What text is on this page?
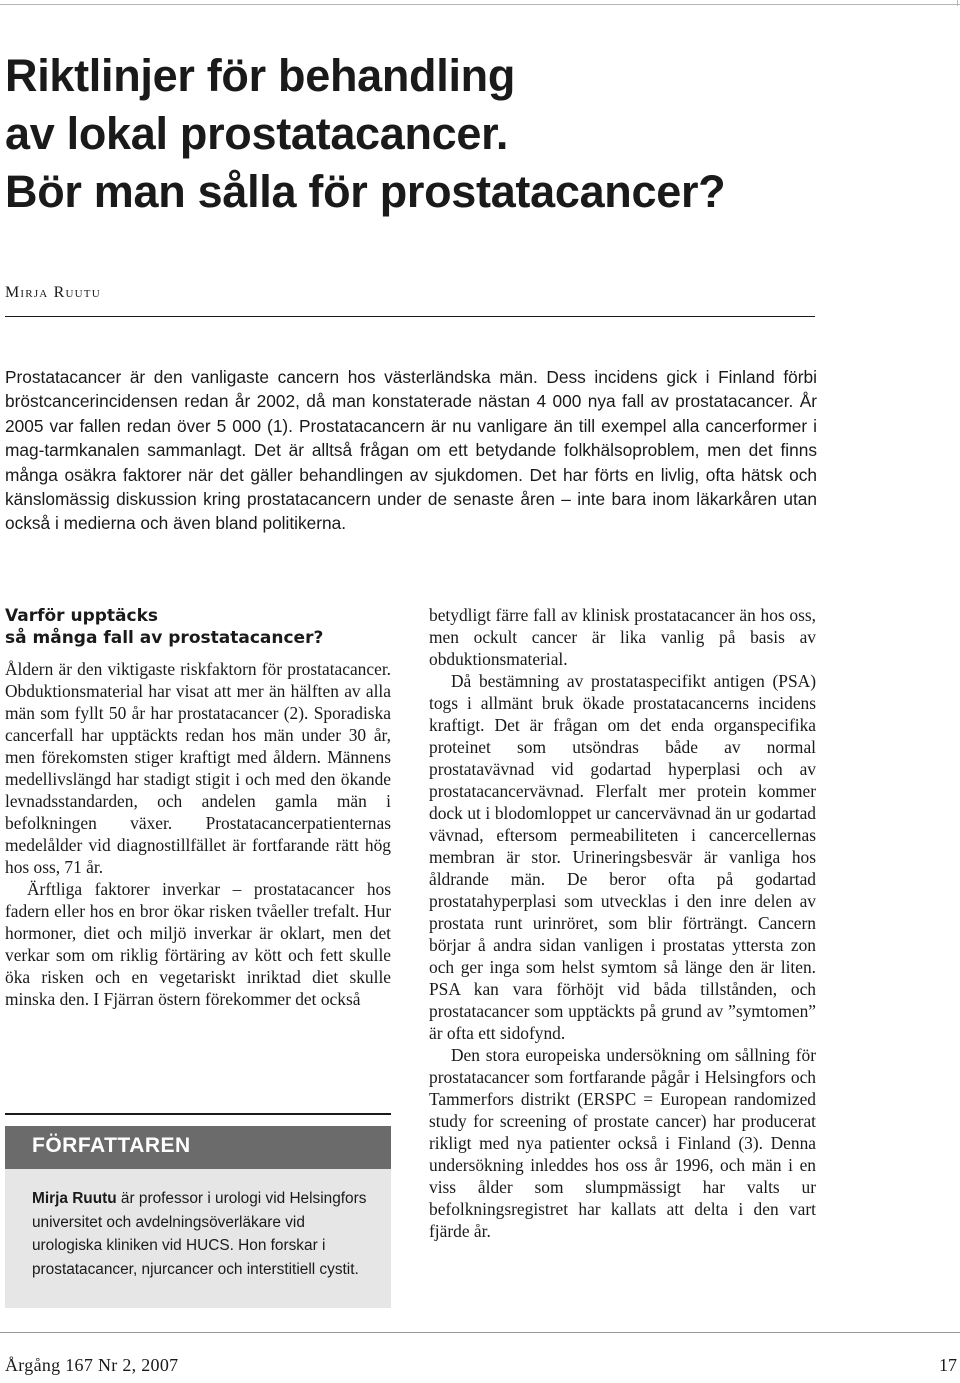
Riktlinjer för behandling
av lokal prostatacancer.
Bör man sålla för prostatacancer?
Mirja Ruutu

Prostatacancer är den vanligaste cancern hos västerländska män. Dess incidens gick i Finland förbi bröstcancerincidensen redan år 2002, då man konstaterade nästan 4 000 nya fall av prostatacancer. År 2005 var fallen redan över 5 000 (1). Prostatacancern är nu vanligare än till exempel alla cancerformer i mag-tarmkanalen sammanlagt. Det är alltså frågan om ett betydande folkhälsoproblem, men det finns många osäkra faktorer när det gäller behandlingen av sjukdomen. Det har förts en livlig, ofta hätsk och känslomässig diskussion kring prostatacancern under de senaste åren – inte bara inom läkarkåren utan också i medierna och även bland politikerna.

Varför upptäcks
så många fall av prostatacancer?

Åldern är den viktigaste riskfaktorn för prostatacancer. Obduktionsmaterial har visat att mer än hälften av alla män som fyllt 50 år har prostatacancer (2). Sporadiska cancerfall har upptäckts redan hos män under 30 år, men förekomsten stiger kraftigt med åldern. Männens medellivslängd har stadigt stigit i och med den ökande levnadsstandarden, och andelen gamla män i befolkningen växer. Prostatacancerpatienternas medelålder vid diagnostillfället är fortfarande rätt hög hos oss, 71 år.

Ärftliga faktorer inverkar – prostatacancer hos fadern eller hos en bror ökar risken tvåeller trefalt. Hur hormoner, diet och miljö inverkar är oklart, men det verkar som om riklig förtäring av kött och fett skulle öka risken och en vegetariskt inriktad diet skulle minska den. I Fjärran östern förekommer det också

betydligt färre fall av klinisk prostatacancer än hos oss, men ockult cancer är lika vanlig på basis av obduktionsmaterial.

Då bestämning av prostataspecifikt antigen (PSA) togs i allmänt bruk ökade prostatacancerns incidens kraftigt. Det är frågan om det enda organspecifika proteinet som utsöndras både av normal prostatavävnad vid godartad hyperplasi och av prostatacancervävnad. Flerfalt mer protein kommer dock ut i blodomloppet ur cancervävnad än ur godartad vävnad, eftersom permeabiliteten i cancercellernas membran är stor. Urineringsbesvär är vanliga hos åldrande män. De beror ofta på godartad prostatahyperplasi som utvecklas i den inre delen av prostata runt urinröret, som blir förträngt. Cancern börjar å andra sidan vanligen i prostatas yttersta zon och ger inga som helst symtom så länge den är liten. PSA kan vara förhöjt vid båda tillstånden, och prostatacancer som upptäckts på grund av ”symtomen” är ofta ett sidofynd.

Den stora europeiska undersökning om sållning för prostatacancer som fortfarande pågår i Helsingfors och Tammerfors distrikt (ERSPC = European randomized study for screening of prostate cancer) har producerat rikligt med nya patienter också i Finland (3). Denna undersökning inleddes hos oss år 1996, och män i en viss ålder som slumpmässigt har valts ur befolkningsregistret har kallats att delta i den vart fjärde år.

FÖRFATTAREN

Mirja Ruutu är professor i urologi vid Helsingfors universitet och avdelningsöverläkare vid urologiska kliniken vid HUCS. Hon forskar i prostatacancer, njurcancer och interstitiell cystit.

Årgång 167 Nr 2, 2007	17
